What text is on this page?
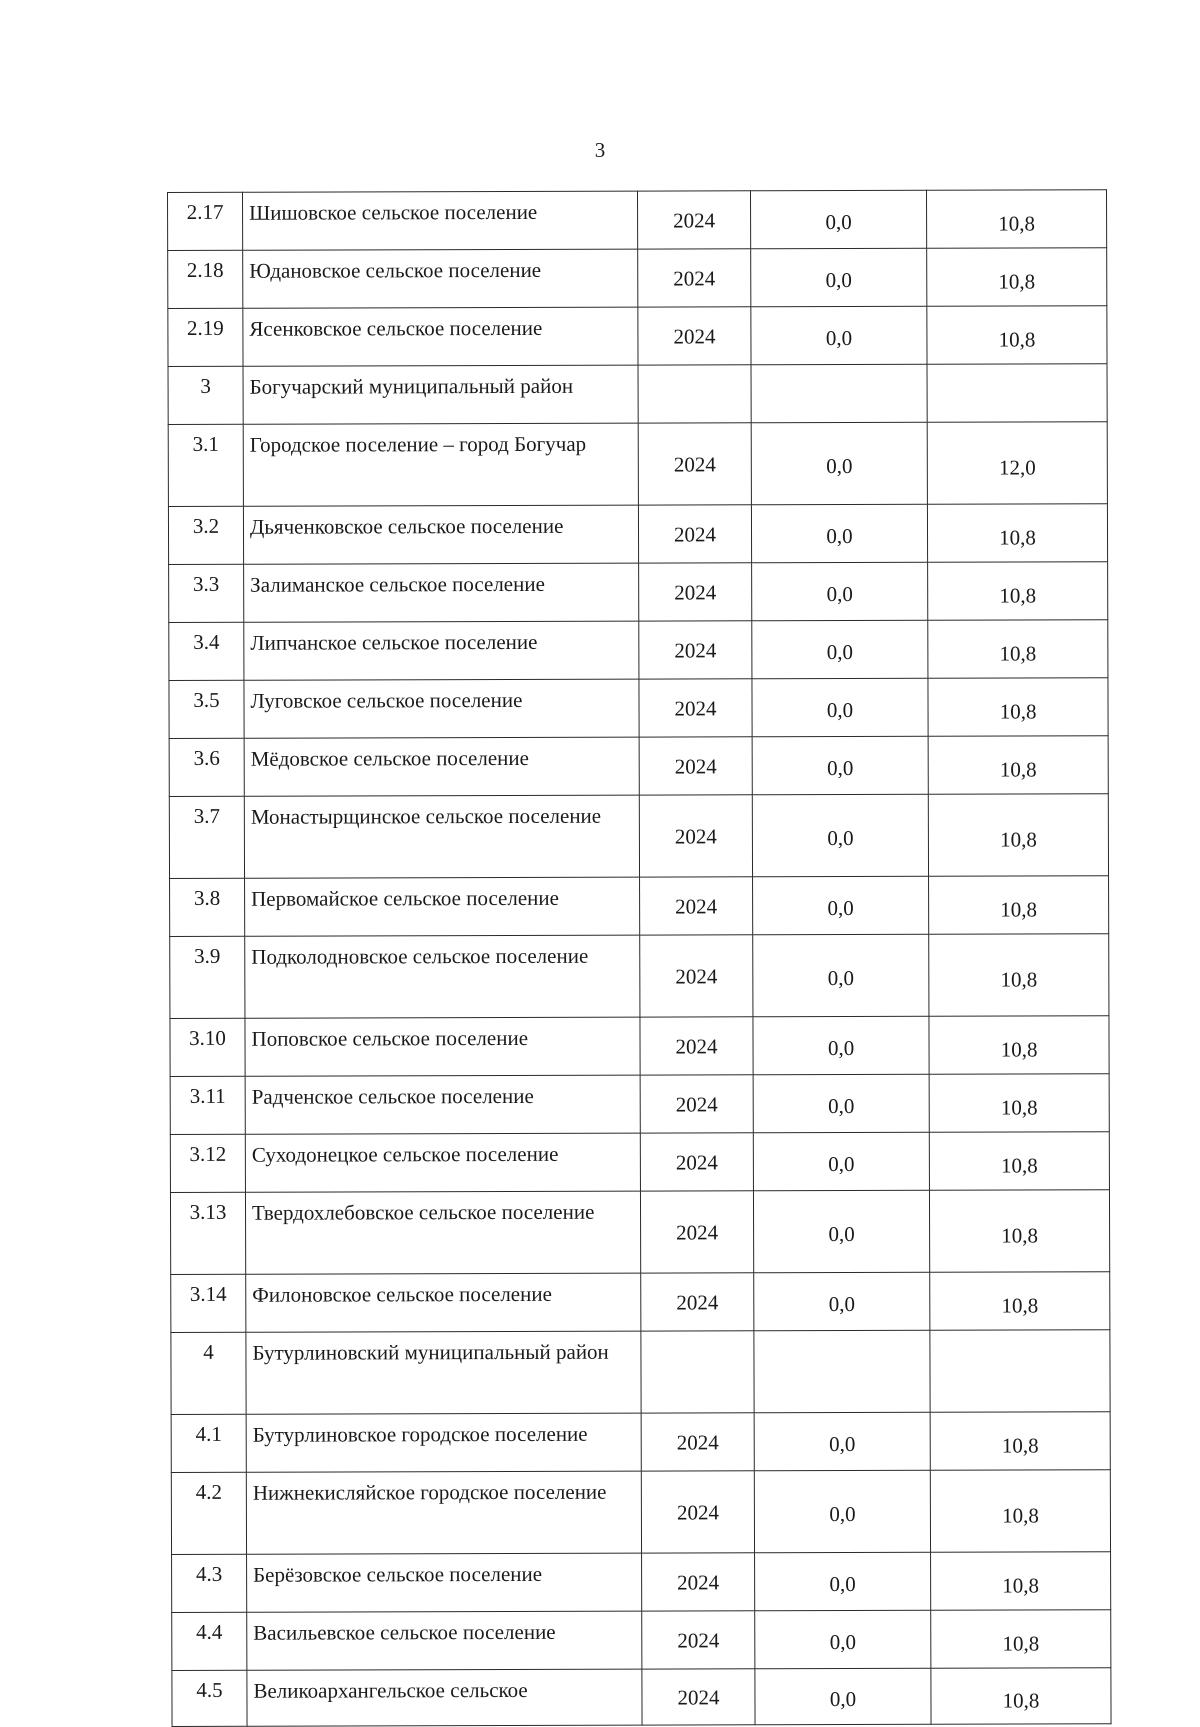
3
2.17	Шишовское сельское поселение	2024	0,0	10,8
2.18	Юдановское сельское поселение	2024	0,0	10,8
2.19	Ясенковское сельское поселение	2024	0,0	10,8
3	Богучарский муниципальный район			
3.1	Городское поселение – город Богучар	2024	0,0	12,0
3.2	Дьяченковское сельское поселение	2024	0,0	10,8
3.3	Залиманское сельское поселение	2024	0,0	10,8
3.4	Липчанское сельское поселение	2024	0,0	10,8
3.5	Луговское сельское поселение	2024	0,0	10,8
3.6	Мёдовское сельское поселение	2024	0,0	10,8
3.7	Монастырщинское сельское поселение	2024	0,0	10,8
3.8	Первомайское сельское поселение	2024	0,0	10,8
3.9	Подколодновское сельское поселение	2024	0,0	10,8
3.10	Поповское сельское поселение	2024	0,0	10,8
3.11	Радченское сельское поселение	2024	0,0	10,8
3.12	Суходонецкое сельское поселение	2024	0,0	10,8
3.13	Твердохлебовское сельское поселение	2024	0,0	10,8
3.14	Филоновское сельское поселение	2024	0,0	10,8
4	Бутурлиновский муниципальный район			
4.1	Бутурлиновское городское поселение	2024	0,0	10,8
4.2	Нижнекисляйское городское поселение	2024	0,0	10,8
4.3	Берёзовское сельское поселение	2024	0,0	10,8
4.4	Васильевское сельское поселение	2024	0,0	10,8
4.5	Великоархангельское сельское	2024	0,0	10,8
